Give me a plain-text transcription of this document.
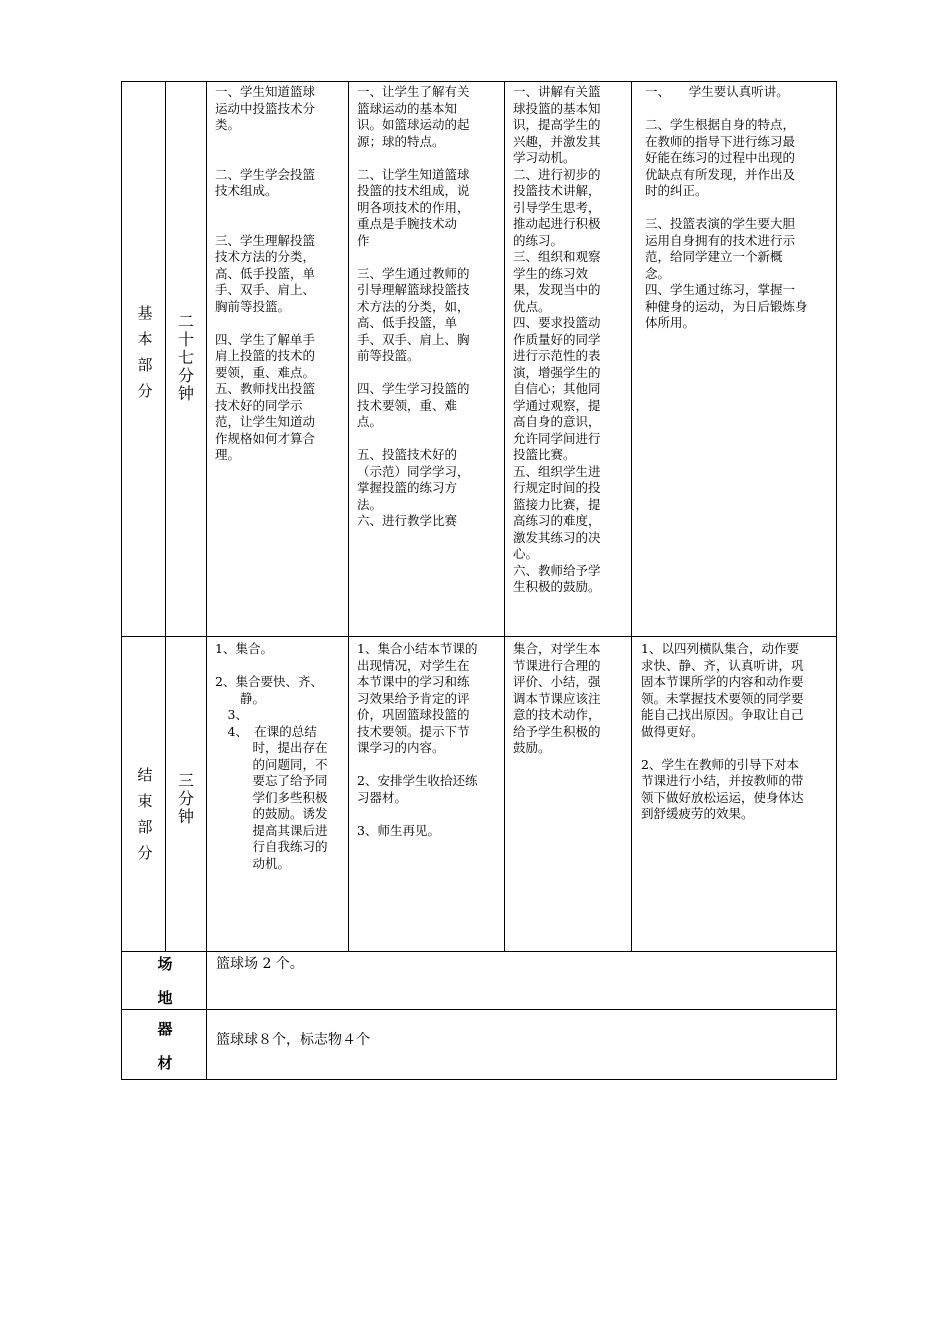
基
本
部
分
二
十
七
分
钟
一、学生知道篮球
运动中投篮技术分
类。

二、学生学会投篮
技术组成。

三、学生理解投篮
技术方法的分类，
高、低手投篮，单
手、双手、肩上、
胸前等投篮。

四、学生了解单手
肩上投篮的技术的
要领，重、难点。
五、教师找出投篮
技术好的同学示
范，让学生知道动
作规格如何才算合
理。
一、让学生了解有关
篮球运动的基本知
识。如篮球运动的起
源；球的特点。

二、让学生知道篮球
投篮的技术组成，说
明各项技术的作用，
重点是手腕技术动
作

三、学生通过教师的
引导理解篮球投篮技
术方法的分类，如，
高、低手投篮，单
手、双手、肩上、胸
前等投篮。

四、学生学习投篮的
技术要领，重、难
点。

五、投篮技术好的
（示范）同学学习，
掌握投篮的练习方
法。
六、进行教学比赛
一、讲解有关篮
球投篮的基本知
识，提高学生的
兴趣，并激发其
学习动机。
二、进行初步的
投篮技术讲解，
引导学生思考，
推动起进行积极
的练习。
三、组织和观察
学生的练习效
果，发现当中的
优点。
四、要求投篮动
作质量好的同学
进行示范性的表
演，增强学生的
自信心；其他同
学通过观察，提
高自身的意识，
允许同学间进行
投篮比赛。
五、组织学生进
行规定时间的投
篮接力比赛，提
高练习的难度，
激发其练习的决
心。
六、教师给予学
生积极的鼓励。
一、　　学生要认真听讲。

二、学生根据自身的特点，
在教师的指导下进行练习最
好能在练习的过程中出现的
优缺点有所发现，并作出及
时的纠正。

三、投篮表演的学生要大胆
运用自身拥有的技术进行示
范，给同学建立一个新概
念。
四、学生通过练习，掌握一
种健身的运动，为日后锻炼身
体所用。
结
束
部
分
三
分
钟
1、集合。

2、集合要快、齐、
　　静。
　3、
　4、　在课的总结
　　　时，提出存在
　　　的问题同，不
　　　要忘了给予同
　　　学们多些积极
　　　的鼓励。诱发
　　　提高其课后进
　　　行自我练习的
　　　动机。
1、集合小结本节课的
出现情况，对学生在
本节课中的学习和练
习效果给予肯定的评
价，巩固篮球投篮的
技术要领。提示下节
课学习的内容。

2、安排学生收拾还练
习器材。

3、师生再见。
集合，对学生本
节课进行合理的
评价、小结，强
调本节课应该注
意的技术动作，
给予学生积极的
鼓励。
1、以四列横队集合，动作要
求快、静、齐，认真听讲，巩
固本节课所学的内容和动作要
领。未掌握技术要领的同学要
能自己找出原因。争取让自己
做得更好。

2、学生在教师的引导下对本
节课进行小结，并按教师的带
领下做好放松运运，使身体达
到舒缓疲劳的效果。
场
地
篮球场 2 个。
器
材
篮球球８个，标志物４个
